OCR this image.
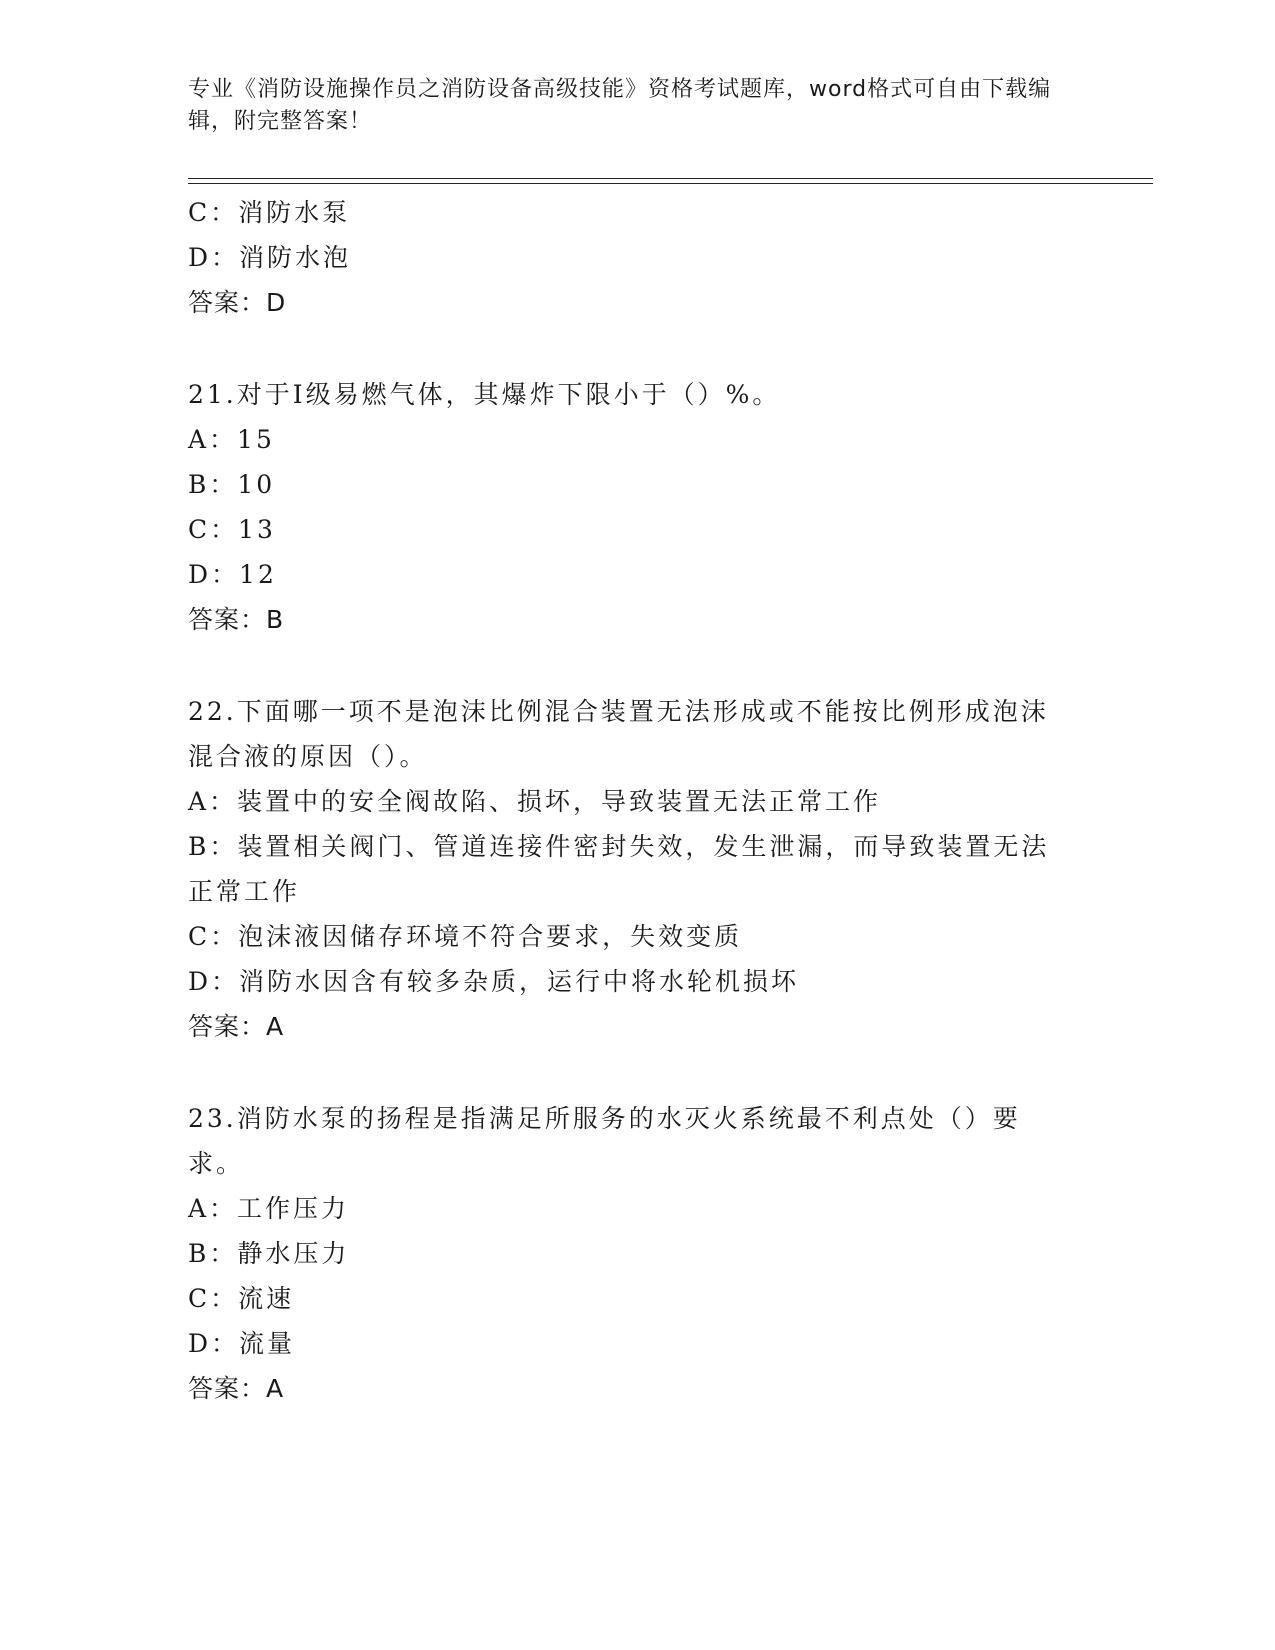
专业《消防设施操作员之消防设备高级技能》资格考试题库，word格式可自由下载编辑，附完整答案！
C：消防水泵
D：消防水泡
答案：D
21.对于Ⅰ级易燃气体，其爆炸下限小于（）%。
A：15
B：10
C：13
D：12
答案：B
22.下面哪一项不是泡沫比例混合装置无法形成或不能按比例形成泡沫混合液的原因（）。
A：装置中的安全阀故陷、损坏，导致装置无法正常工作
B：装置相关阀门、管道连接件密封失效，发生泄漏，而导致装置无法正常工作
C：泡沫液因储存环境不符合要求，失效变质
D：消防水因含有较多杂质，运行中将水轮机损坏
答案：A
23.消防水泵的扬程是指满足所服务的水灭火系统最不利点处（）要求。
A：工作压力
B：静水压力
C：流速
D：流量
答案：A
